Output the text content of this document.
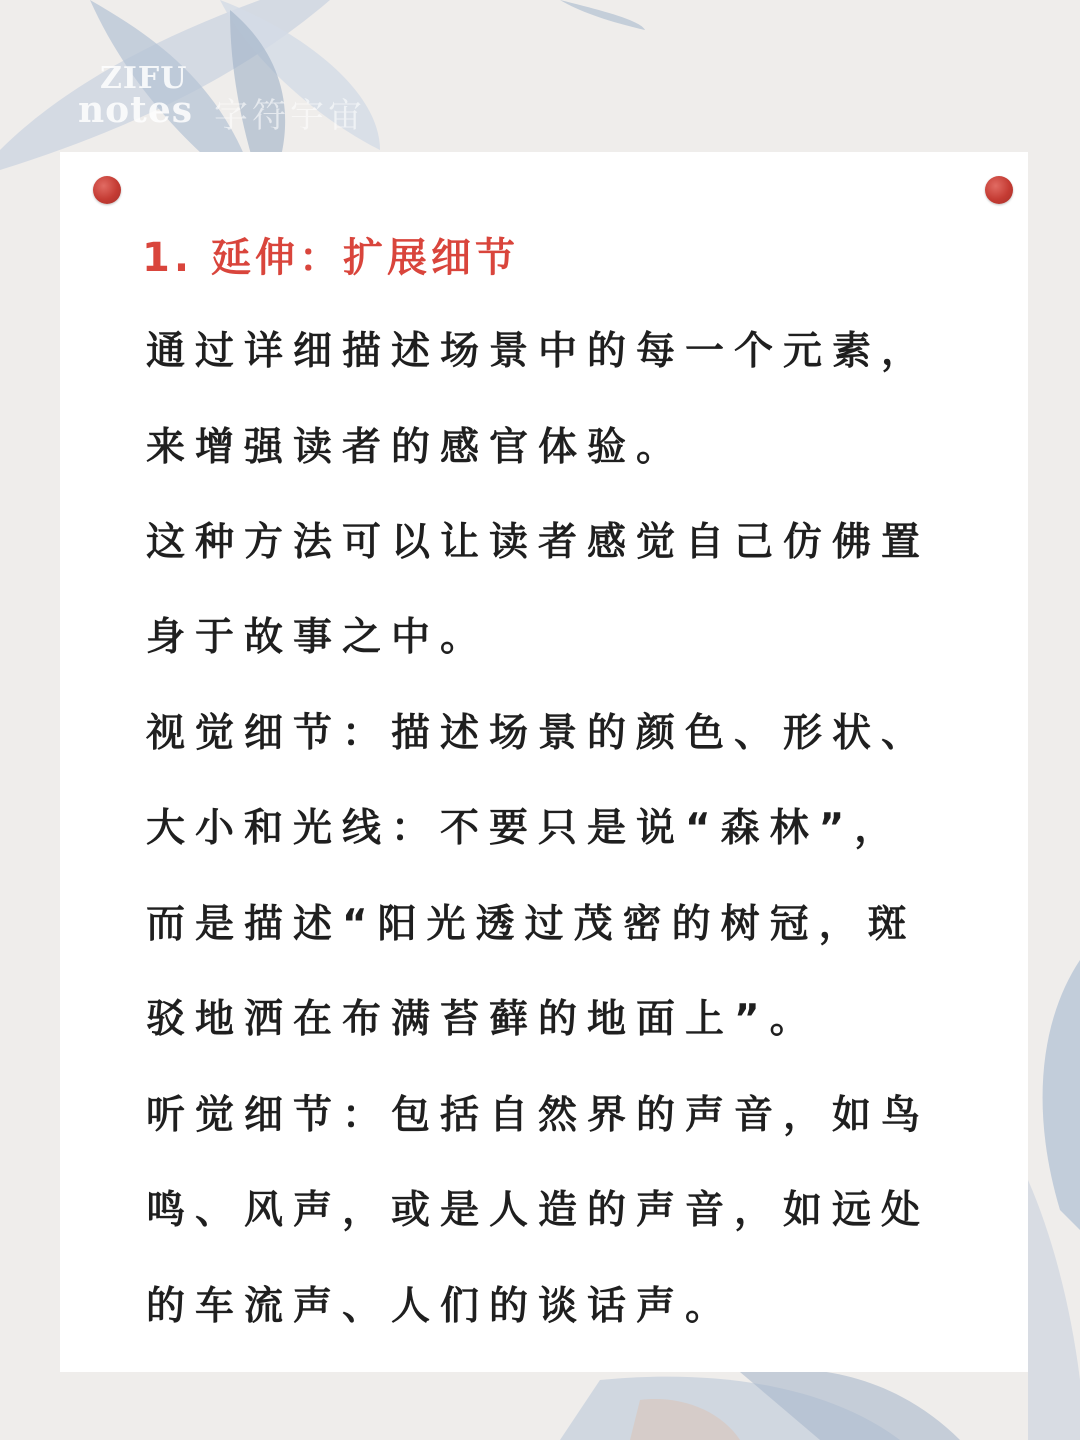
ZIFU
notes 字符宇宙
1. 延伸：扩展细节
通过详细描述场景中的每一个元素，
来增强读者的感官体验。
这种方法可以让读者感觉自己仿佛置
身于故事之中。
视觉细节：描述场景的颜色、形状、
大小和光线：不要只是说“森林”，
而是描述“阳光透过茂密的树冠，斑
驳地洒在布满苔藓的地面上”。
听觉细节：包括自然界的声音，如鸟
鸣、风声，或是人造的声音，如远处
的车流声、人们的谈话声。
